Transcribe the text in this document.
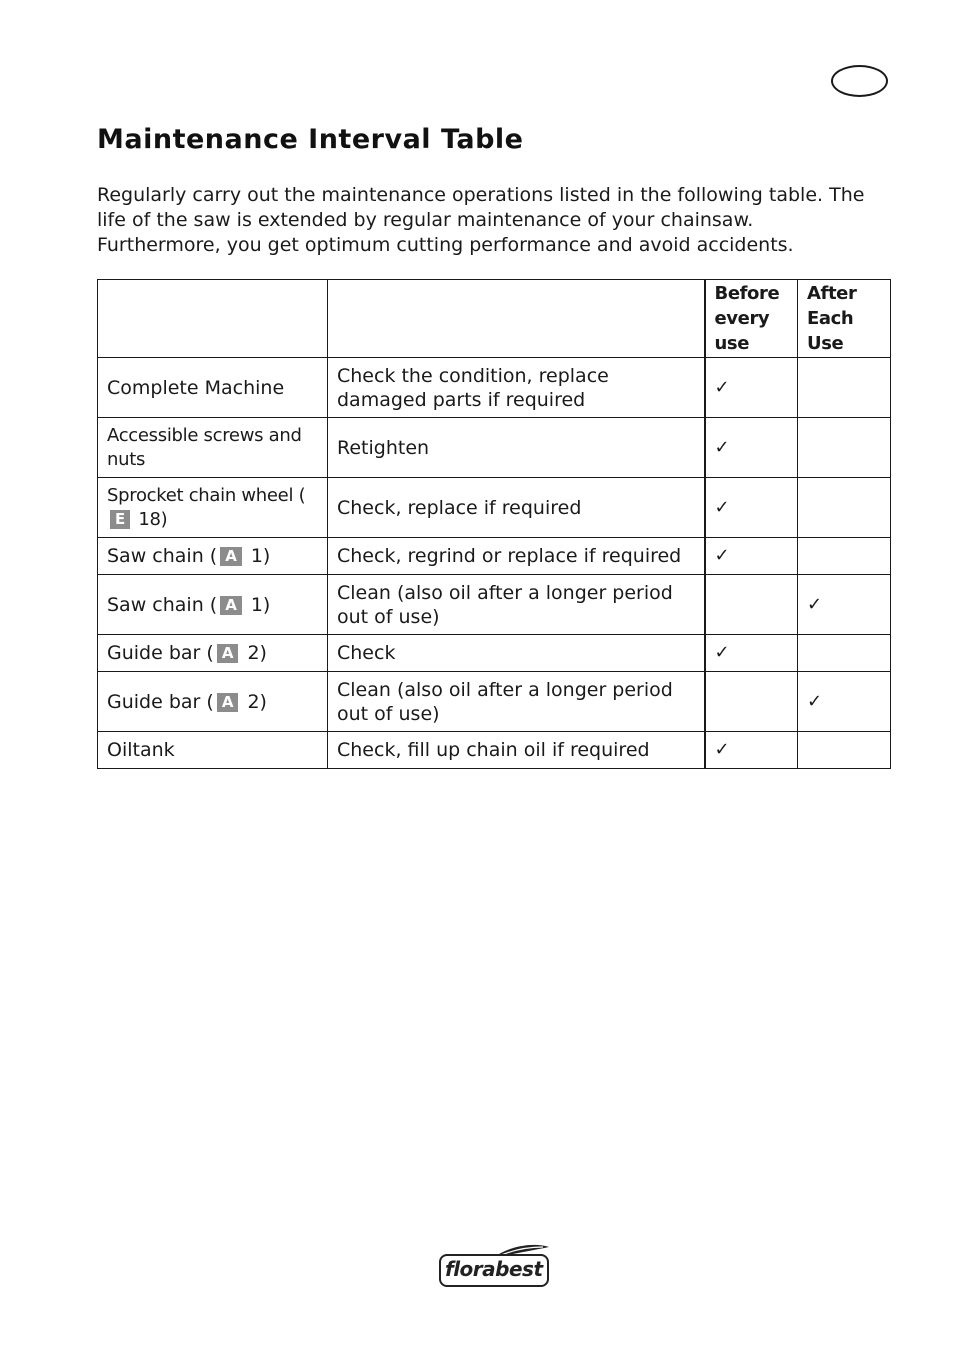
Maintenance Interval Table

Regularly carry out the maintenance operations listed in the following table. The life of the saw is extended by regular maintenance of your chainsaw. Furthermore, you get optimum cutting performance and avoid accidents.

		Before every use	After Each Use
Complete Machine	Check the condition, replace damaged parts if required	✓	
Accessible screws and nuts	Retighten	✓	
Sprocket chain wheel (E 18)	Check, replace if required	✓	
Saw chain ( A 1)	Check, regrind or replace if required	✓	
Saw chain ( A 1)	Clean (also oil after a longer period out of use)		✓
Guide bar ( A 2)	Check	✓	
Guide bar ( A 2)	Clean (also oil after a longer period out of use)		✓
Oiltank	Check, fill up chain oil if required	✓	
florabest
